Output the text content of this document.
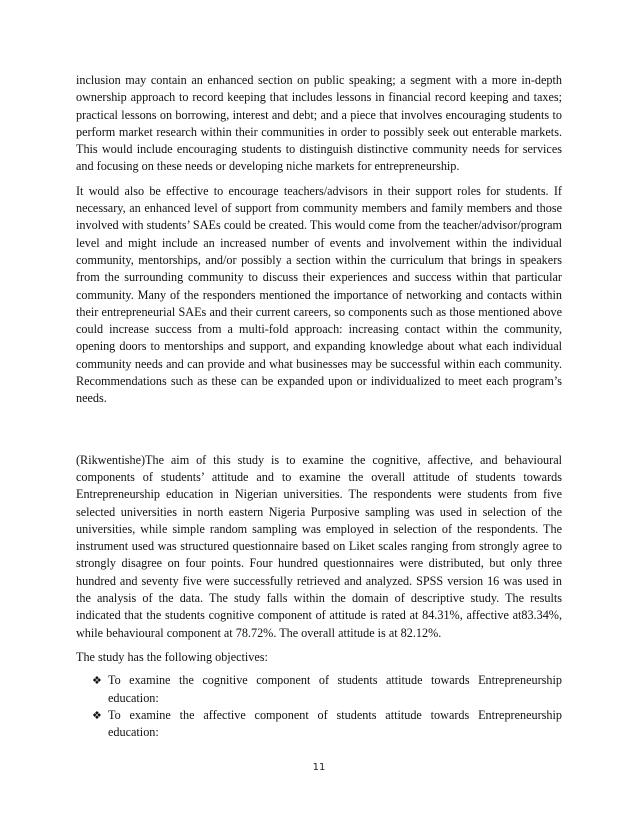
inclusion may contain an enhanced section on public speaking; a segment with a more in-depth ownership approach to record keeping that includes lessons in financial record keeping and taxes; practical lessons on borrowing, interest and debt; and a piece that involves encouraging students to perform market research within their communities in order to possibly seek out enterable markets. This would include encouraging students to distinguish distinctive community needs for services and focusing on these needs or developing niche markets for entrepreneurship.

It would also be effective to encourage teachers/advisors in their support roles for students. If necessary, an enhanced level of support from community members and family members and those involved with students’ SAEs could be created. This would come from the teacher/advisor/program level and might include an increased number of events and involvement within the individual community, mentorships, and/or possibly a section within the curriculum that brings in speakers from the surrounding community to discuss their experiences and success within that particular community. Many of the responders mentioned the importance of networking and contacts within their entrepreneurial SAEs and their current careers, so components such as those mentioned above could increase success from a multi-fold approach: increasing contact within the community, opening doors to mentorships and support, and expanding knowledge about what each individual community needs and can provide and what businesses may be successful within each community. Recommendations such as these can be expanded upon or individualized to meet each program’s needs.

(Rikwentishe)The aim of this study is to examine the cognitive, affective, and behavioural components of students’ attitude and to examine the overall attitude of students towards Entrepreneurship education in Nigerian universities. The respondents were students from five selected universities in north eastern Nigeria Purposive sampling was used in selection of the universities, while simple random sampling was employed in selection of the respondents. The instrument used was structured questionnaire based on Liket scales ranging from strongly agree to strongly disagree on four points. Four hundred questionnaires were distributed, but only three hundred and seventy five were successfully retrieved and analyzed. SPSS version 16 was used in the analysis of the data. The study falls within the domain of descriptive study. The results indicated that the students cognitive component of attitude is rated at 84.31%, affective at83.34%, while behavioural component at 78.72%. The overall attitude is at 82.12%.

The study has the following objectives:

❖ To examine the cognitive component of students attitude towards Entrepreneurship education:
❖ To examine the affective component of students attitude towards Entrepreneurship education:
11
